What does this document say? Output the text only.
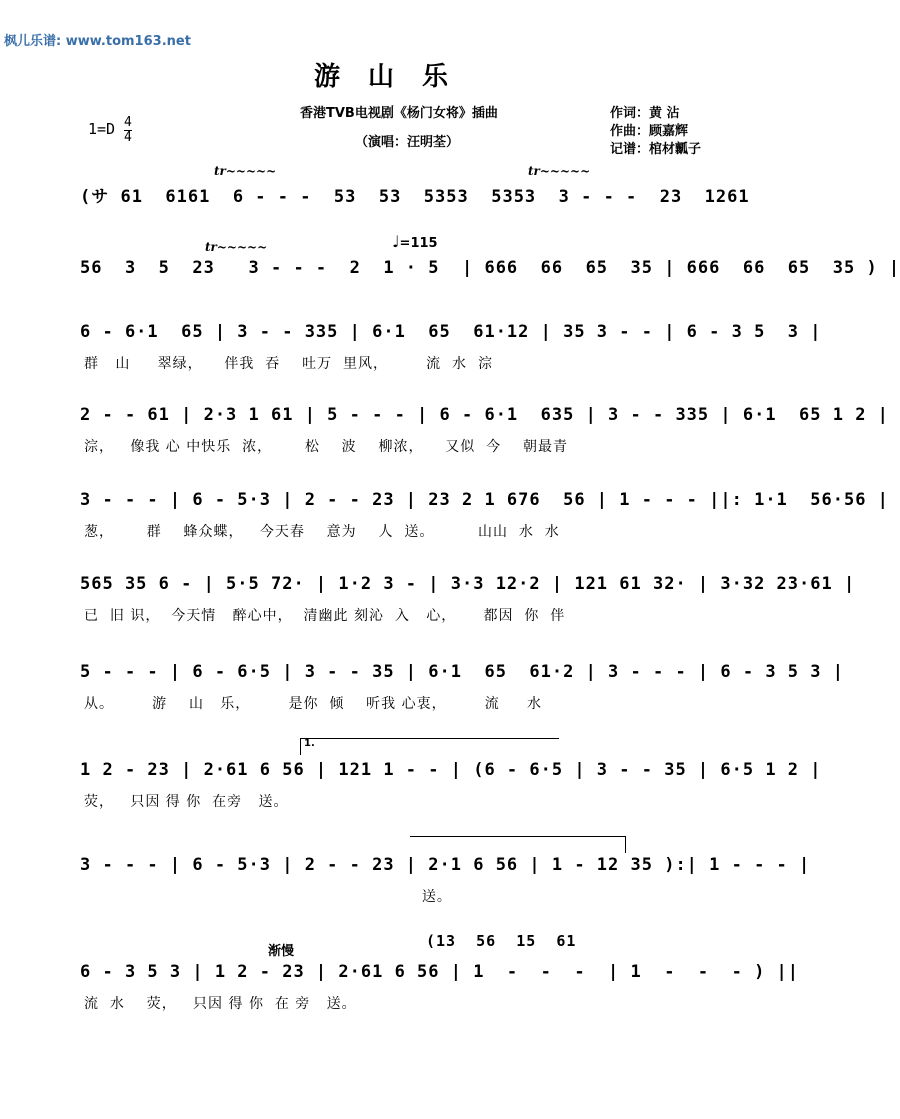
枫儿乐谱: www.tom163.net
游山乐
香港TVB电视剧《杨门女将》插曲
（演唱：汪明荃）
作词：黄 沾
作曲：顾嘉辉
记谱：棺材瓤子
$1=D \frac{4}{4}$
tr~~~~~	tr~~~~~
tr~~~~~	♩=115
渐慢
1.
(サ 61  6161  6 - - -  53  53  5353  5353  3 - - -  23  1261
56  3  5  23   3 - - -  2  1 · 5  | 666  66  65  35 | 666  66  65  35 ) |
6 - 6·1  65 | 3 - - 335 | 6·1  65  61·12 | 35 3 - - | 6 - 3 5  3 |
群   山     翠绿，    伴我  吞    吐万  里风，       流  水  淙
2 - - 61 | 2·3 1 61 | 5 - - - | 6 - 6·1  635 | 3 - - 335 | 6·1  65 1 2 |
淙，   像我 心 中快乐  浓，      松    波    柳浓，    又似  今    朝最青
3 - - - | 6 - 5·3 | 2 - - 23 | 23 2 1 676  56 | 1 - - - ||: 1·1  56·56 |
葱，      群    蜂众蝶，   今天春    意为    人  送。        山山  水  水
565 35 6 - | 5·5 72· | 1·2 3 - | 3·3 12·2 | 121 61 32· | 3·32 23·61 |
已  旧 识，  今天情   醉心中，  清幽此 刻沁  入   心，     都因  你  伴
5 - - - | 6 - 6·5 | 3 - - 35 | 6·1  65  61·2 | 3 - - - | 6 - 3 5 3 |
从。       游    山   乐，       是你  倾    听我 心衷，       流     水
1 2 - 23 | 2·61 6 56 | 121 1 - - | (6 - 6·5 | 3 - - 35 | 6·5 1 2 |
荧，   只因 得 你  在旁   送。
3 - - - | 6 - 5·3 | 2 - - 23 | 2·1 6 56 | 1 - 12 35 ):| 1 - - - |
送。
(13  56  15  61
6 - 3 5 3 | 1 2 - 23 | 2·61 6 56 | 1  -  -  -  | 1  -  -  - ) ||
流  水    荧，   只因 得 你  在 旁   送。
